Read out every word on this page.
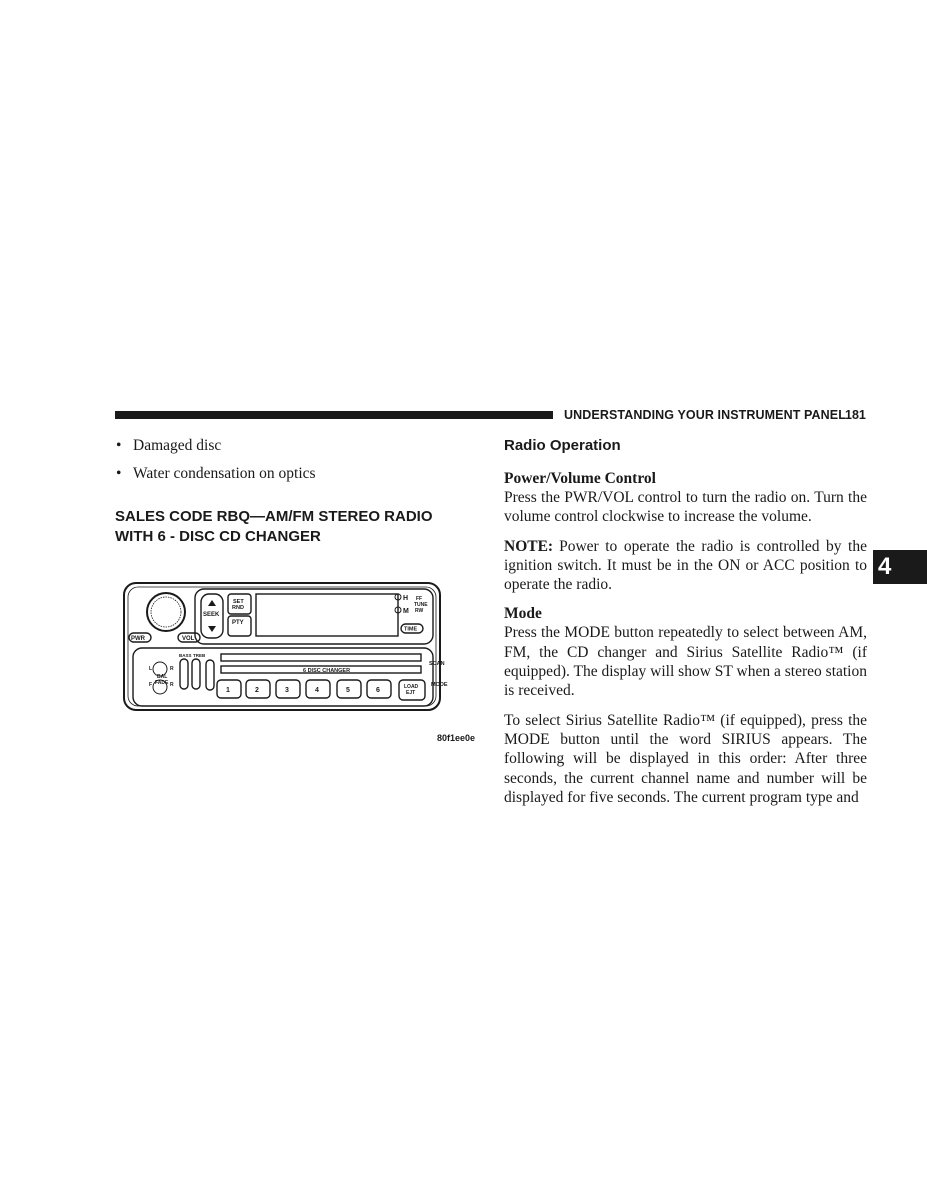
UNDERSTANDING YOUR INSTRUMENT PANEL 181
4
• Damaged disc
• Water condensation on optics
SALES CODE RBQ—AM/FM STEREO RADIO
WITH 6 - DISC CD CHANGER
PWR	VOL
SEEK
SET
RND
PTY
H
M
TIME
FF
TUNE
RW
BASS TREB
BAL
FADE
L	R
F	R
6 DISC CHANGER
SCAN
MODE
LOAD
EJT
1	2	3	4	5	6
80f1ee0e
Radio Operation
Power/Volume Control

Press the PWR/VOL control to turn the radio on. Turn the volume control clockwise to increase the volume.

NOTE: Power to operate the radio is controlled by the ignition switch. It must be in the ON or ACC position to operate the radio.

Mode

Press the MODE button repeatedly to select between AM, FM, the CD changer and Sirius Satellite Radio™ (if equipped). The display will show ST when a stereo station is received.

To select Sirius Satellite Radio™ (if equipped), press the MODE button until the word SIRIUS appears. The following will be displayed in this order: After three seconds, the current channel name and number will be displayed for five seconds. The current program type and
